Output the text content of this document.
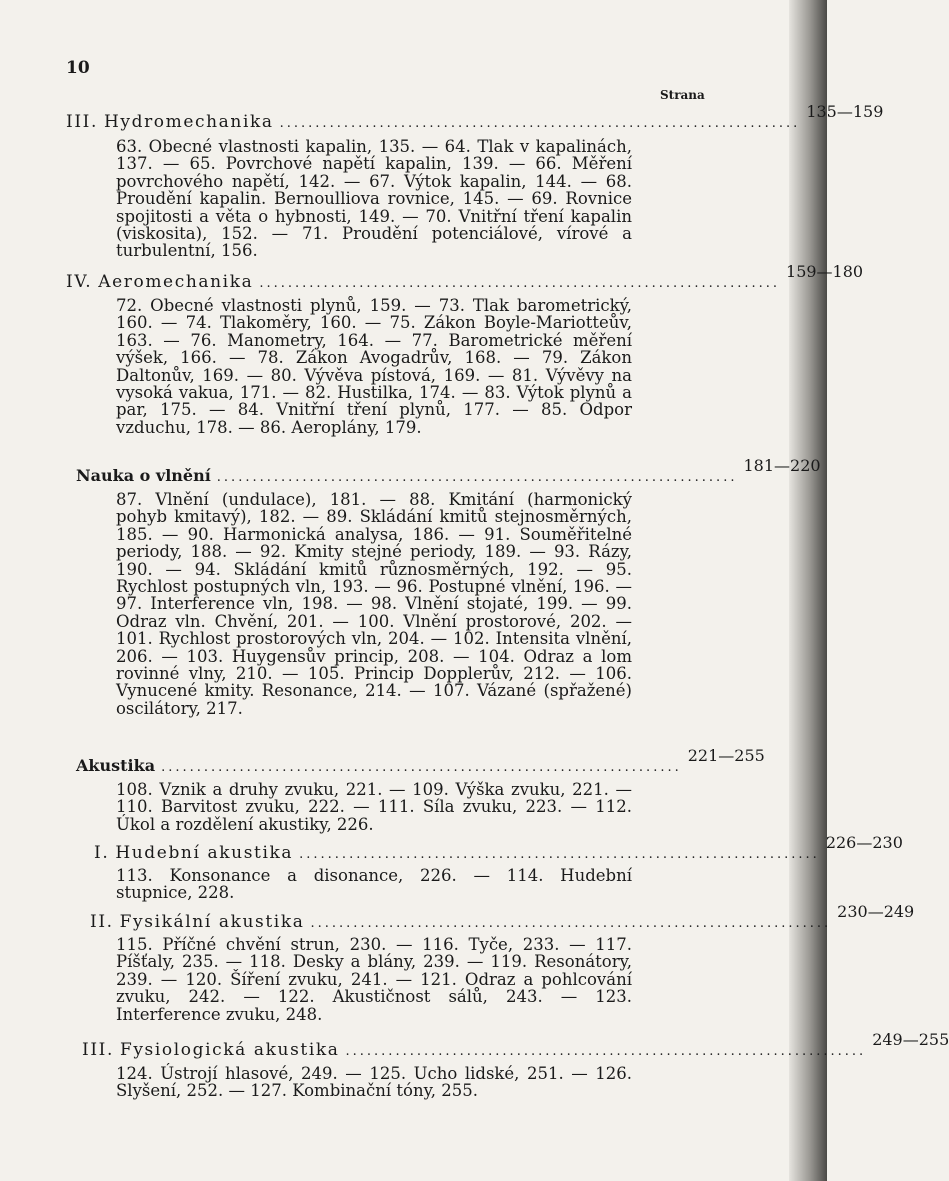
10
Strana
III. Hydromechanika .........................................................................
135—159
63. Obecné vlastnosti kapalin, 135. — 64. Tlak v kapalinách, 137. — 65. Povrchové napětí kapalin, 139. — 66. Měření povrchového napětí, 142. — 67. Výtok kapalin, 144. — 68. Proudění kapalin. Bernoulliova rovnice, 145. — 69. Rovnice spojitosti a věta o hybnosti, 149. — 70. Vnitřní tření kapalin (viskosita), 152. — 71. Proudění potenciálové, vírové a turbulentní, 156.
IV. Aeromechanika .........................................................................
159—180
72. Obecné vlastnosti plynů, 159. — 73. Tlak barometrický, 160. — 74. Tlakoměry, 160. — 75. Zákon Boyle-Mariotteův, 163. — 76. Manometry, 164. — 77. Barometrické měření výšek, 166. — 78. Zákon Avogadrův, 168. — 79. Zákon Daltonův, 169. — 80. Vývěva pístová, 169. — 81. Vývěvy na vysoká vakua, 171. — 82. Hustilka, 174. — 83. Výtok plynů a par, 175. — 84. Vnitřní tření plynů, 177. — 85. Odpor vzduchu, 178. — 86. Aeroplány, 179.
Nauka o vlnění .........................................................................
181—220
87. Vlnění (undulace), 181. — 88. Kmitání (harmonický pohyb kmitavý), 182. — 89. Skládání kmitů stejnosměrných, 185. — 90. Harmonická analysa, 186. — 91. Souměřitelné periody, 188. — 92. Kmity stejné periody, 189. — 93. Rázy, 190. — 94. Skládání kmitů různosměrných, 192. — 95. Rychlost postupných vln, 193. — 96. Postupné vlnění, 196. — 97. Interference vln, 198. — 98. Vlnění stojaté, 199. — 99. Odraz vln. Chvění, 201. — 100. Vlnění prostorové, 202. — 101. Rychlost prostorových vln, 204. — 102. Intensita vlnění, 206. — 103. Huygensův princip, 208. — 104. Odraz a lom rovinné vlny, 210. — 105. Princip Dopplerův, 212. — 106. Vynucené kmity. Resonance, 214. — 107. Vázané (spřažené) oscilátory, 217.
Akustika .........................................................................
221—255
108. Vznik a druhy zvuku, 221. — 109. Výška zvuku, 221. — 110. Barvitost zvuku, 222. — 111. Síla zvuku, 223. — 112. Úkol a rozdělení akustiky, 226.
I. Hudební akustika .........................................................................
226—230
113. Konsonance a disonance, 226. — 114. Hudební stupnice, 228.
II. Fysikální akustika .........................................................................
230—249
115. Příčné chvění strun, 230. — 116. Tyče, 233. — 117. Píšťaly, 235. — 118. Desky a blány, 239. — 119. Resonátory, 239. — 120. Šíření zvuku, 241. — 121. Odraz a pohlcování zvuku, 242. — 122. Akustičnost sálů, 243. — 123. Interference zvuku, 248.
III. Fysiologická akustika .........................................................................
249—255
124. Ústrojí hlasové, 249. — 125. Ucho lidské, 251. — 126. Slyšení, 252. — 127. Kombinační tóny, 255.
